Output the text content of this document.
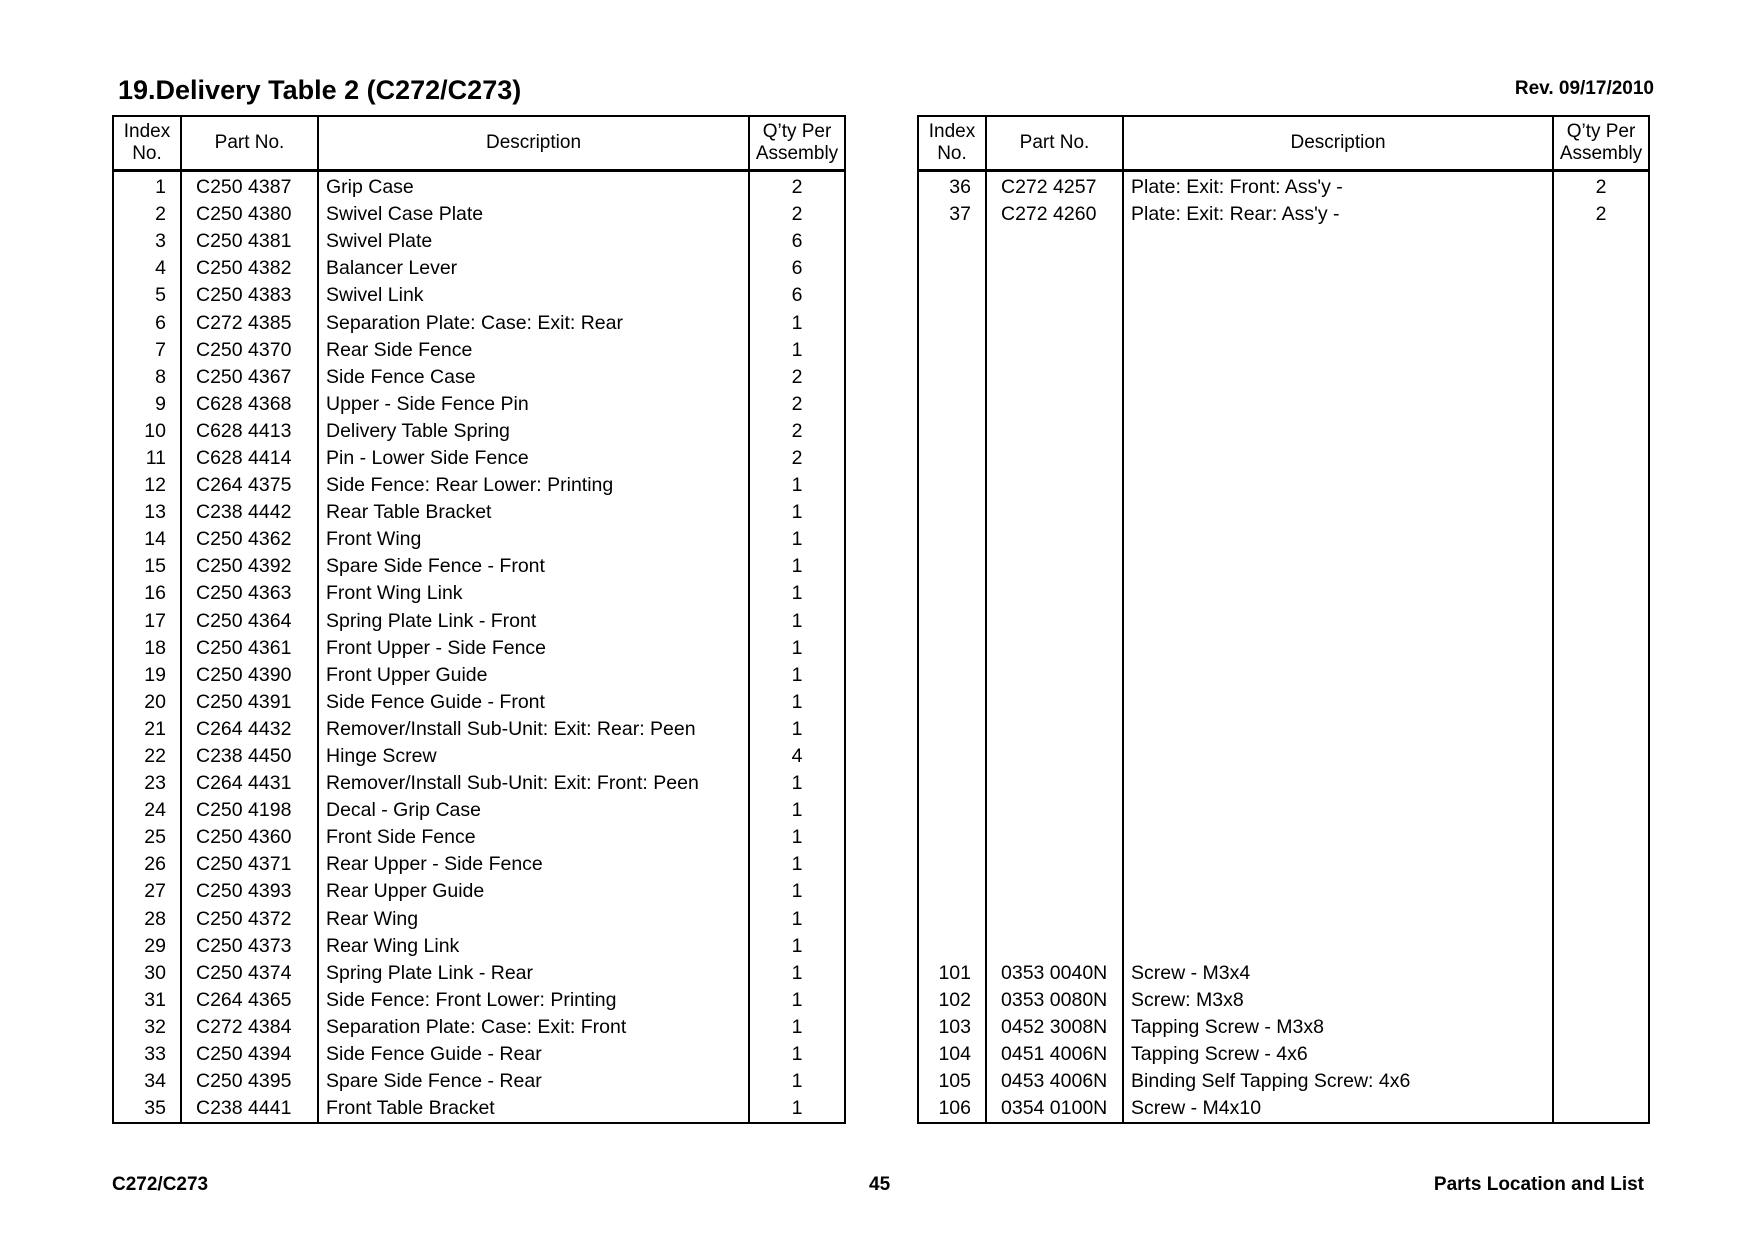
19.Delivery Table 2 (C272/C273)	Rev. 09/17/2010
Index
No.	Part No.	Description	Q’ty Per
Assembly
1	C250 4387	Grip Case	2
2	C250 4380	Swivel Case Plate	2
3	C250 4381	Swivel Plate	6
4	C250 4382	Balancer Lever	6
5	C250 4383	Swivel Link	6
6	C272 4385	Separation Plate: Case: Exit: Rear	1
7	C250 4370	Rear Side Fence	1
8	C250 4367	Side Fence Case	2
9	C628 4368	Upper - Side Fence Pin	2
10	C628 4413	Delivery Table Spring	2
11	C628 4414	Pin - Lower Side Fence	2
12	C264 4375	Side Fence: Rear Lower: Printing	1
13	C238 4442	Rear Table Bracket	1
14	C250 4362	Front Wing	1
15	C250 4392	Spare Side Fence - Front	1
16	C250 4363	Front Wing Link	1
17	C250 4364	Spring Plate Link - Front	1
18	C250 4361	Front Upper - Side Fence	1
19	C250 4390	Front Upper Guide	1
20	C250 4391	Side Fence Guide - Front	1
21	C264 4432	Remover/Install Sub-Unit: Exit: Rear: Peen	1
22	C238 4450	Hinge Screw	4
23	C264 4431	Remover/Install Sub-Unit: Exit: Front: Peen	1
24	C250 4198	Decal - Grip Case	1
25	C250 4360	Front Side Fence	1
26	C250 4371	Rear Upper - Side Fence	1
27	C250 4393	Rear Upper Guide	1
28	C250 4372	Rear Wing	1
29	C250 4373	Rear Wing Link	1
30	C250 4374	Spring Plate Link - Rear	1
31	C264 4365	Side Fence: Front Lower: Printing	1
32	C272 4384	Separation Plate: Case: Exit: Front	1
33	C250 4394	Side Fence Guide - Rear	1
34	C250 4395	Spare Side Fence - Rear	1
35	C238 4441	Front Table Bracket	1
Index
No.	Part No.	Description	Q’ty Per
Assembly
36	C272 4257	Plate: Exit: Front: Ass'y -	2
37	C272 4260	Plate: Exit: Rear: Ass'y -	2

101	0353 0040N	Screw - M3x4	
102	0353 0080N	Screw: M3x8	
103	0452 3008N	Tapping Screw - M3x8	
104	0451 4006N	Tapping Screw - 4x6	
105	0453 4006N	Binding Self Tapping Screw: 4x6	
106	0354 0100N	Screw - M4x10	
C272/C273	45	Parts Location and List
